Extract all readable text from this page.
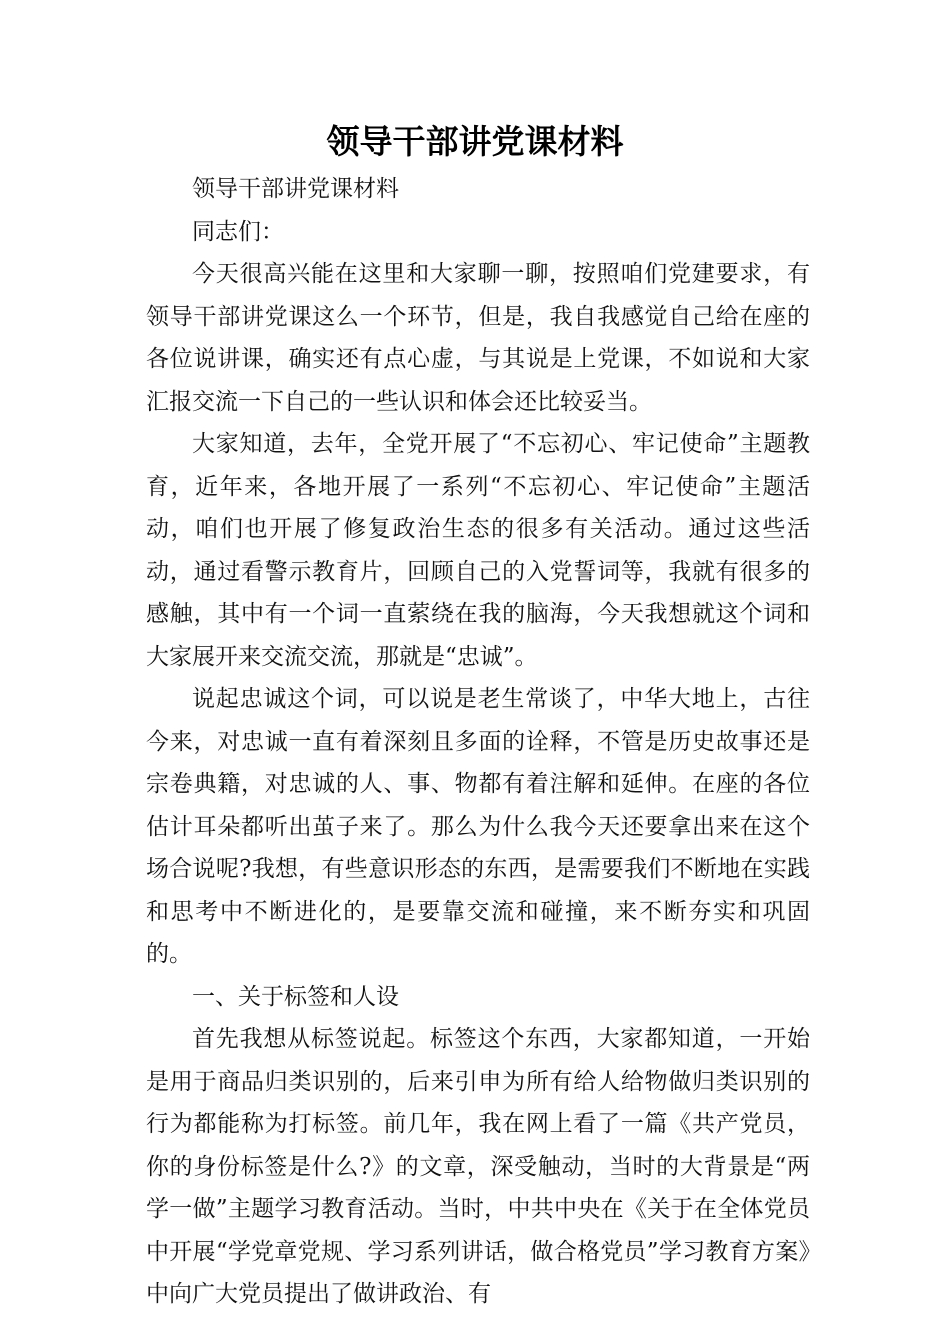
领导干部讲党课材料

领导干部讲党课材料

同志们：

今天很高兴能在这里和大家聊一聊，按照咱们党建要求，有领导干部讲党课这么一个环节，但是，我自我感觉自己给在座的各位说讲课，确实还有点心虚，与其说是上党课，不如说和大家汇报交流一下自己的一些认识和体会还比较妥当。

大家知道，去年，全党开展了“不忘初心、牢记使命”主题教育，近年来，各地开展了一系列“不忘初心、牢记使命”主题活动，咱们也开展了修复政治生态的很多有关活动。通过这些活动，通过看警示教育片，回顾自己的入党誓词等，我就有很多的感触，其中有一个词一直萦绕在我的脑海，今天我想就这个词和大家展开来交流交流，那就是“忠诚”。

说起忠诚这个词，可以说是老生常谈了，中华大地上，古往今来，对忠诚一直有着深刻且多面的诠释，不管是历史故事还是宗卷典籍，对忠诚的人、事、物都有着注解和延伸。在座的各位估计耳朵都听出茧子来了。那么为什么我今天还要拿出来在这个场合说呢?我想，有些意识形态的东西，是需要我们不断地在实践和思考中不断进化的，是要靠交流和碰撞，来不断夯实和巩固的。

一、关于标签和人设

首先我想从标签说起。标签这个东西，大家都知道，一开始是用于商品归类识别的，后来引申为所有给人给物做归类识别的行为都能称为打标签。前几年，我在网上看了一篇《共产党员，你的身份标签是什么?》的文章，深受触动，当时的大背景是“两学一做”主题学习教育活动。当时，中共中央在《关于在全体党员中开展“学党章党规、学习系列讲话，做合格党员”学习教育方案》中向广大党员提出了做讲政治、有
